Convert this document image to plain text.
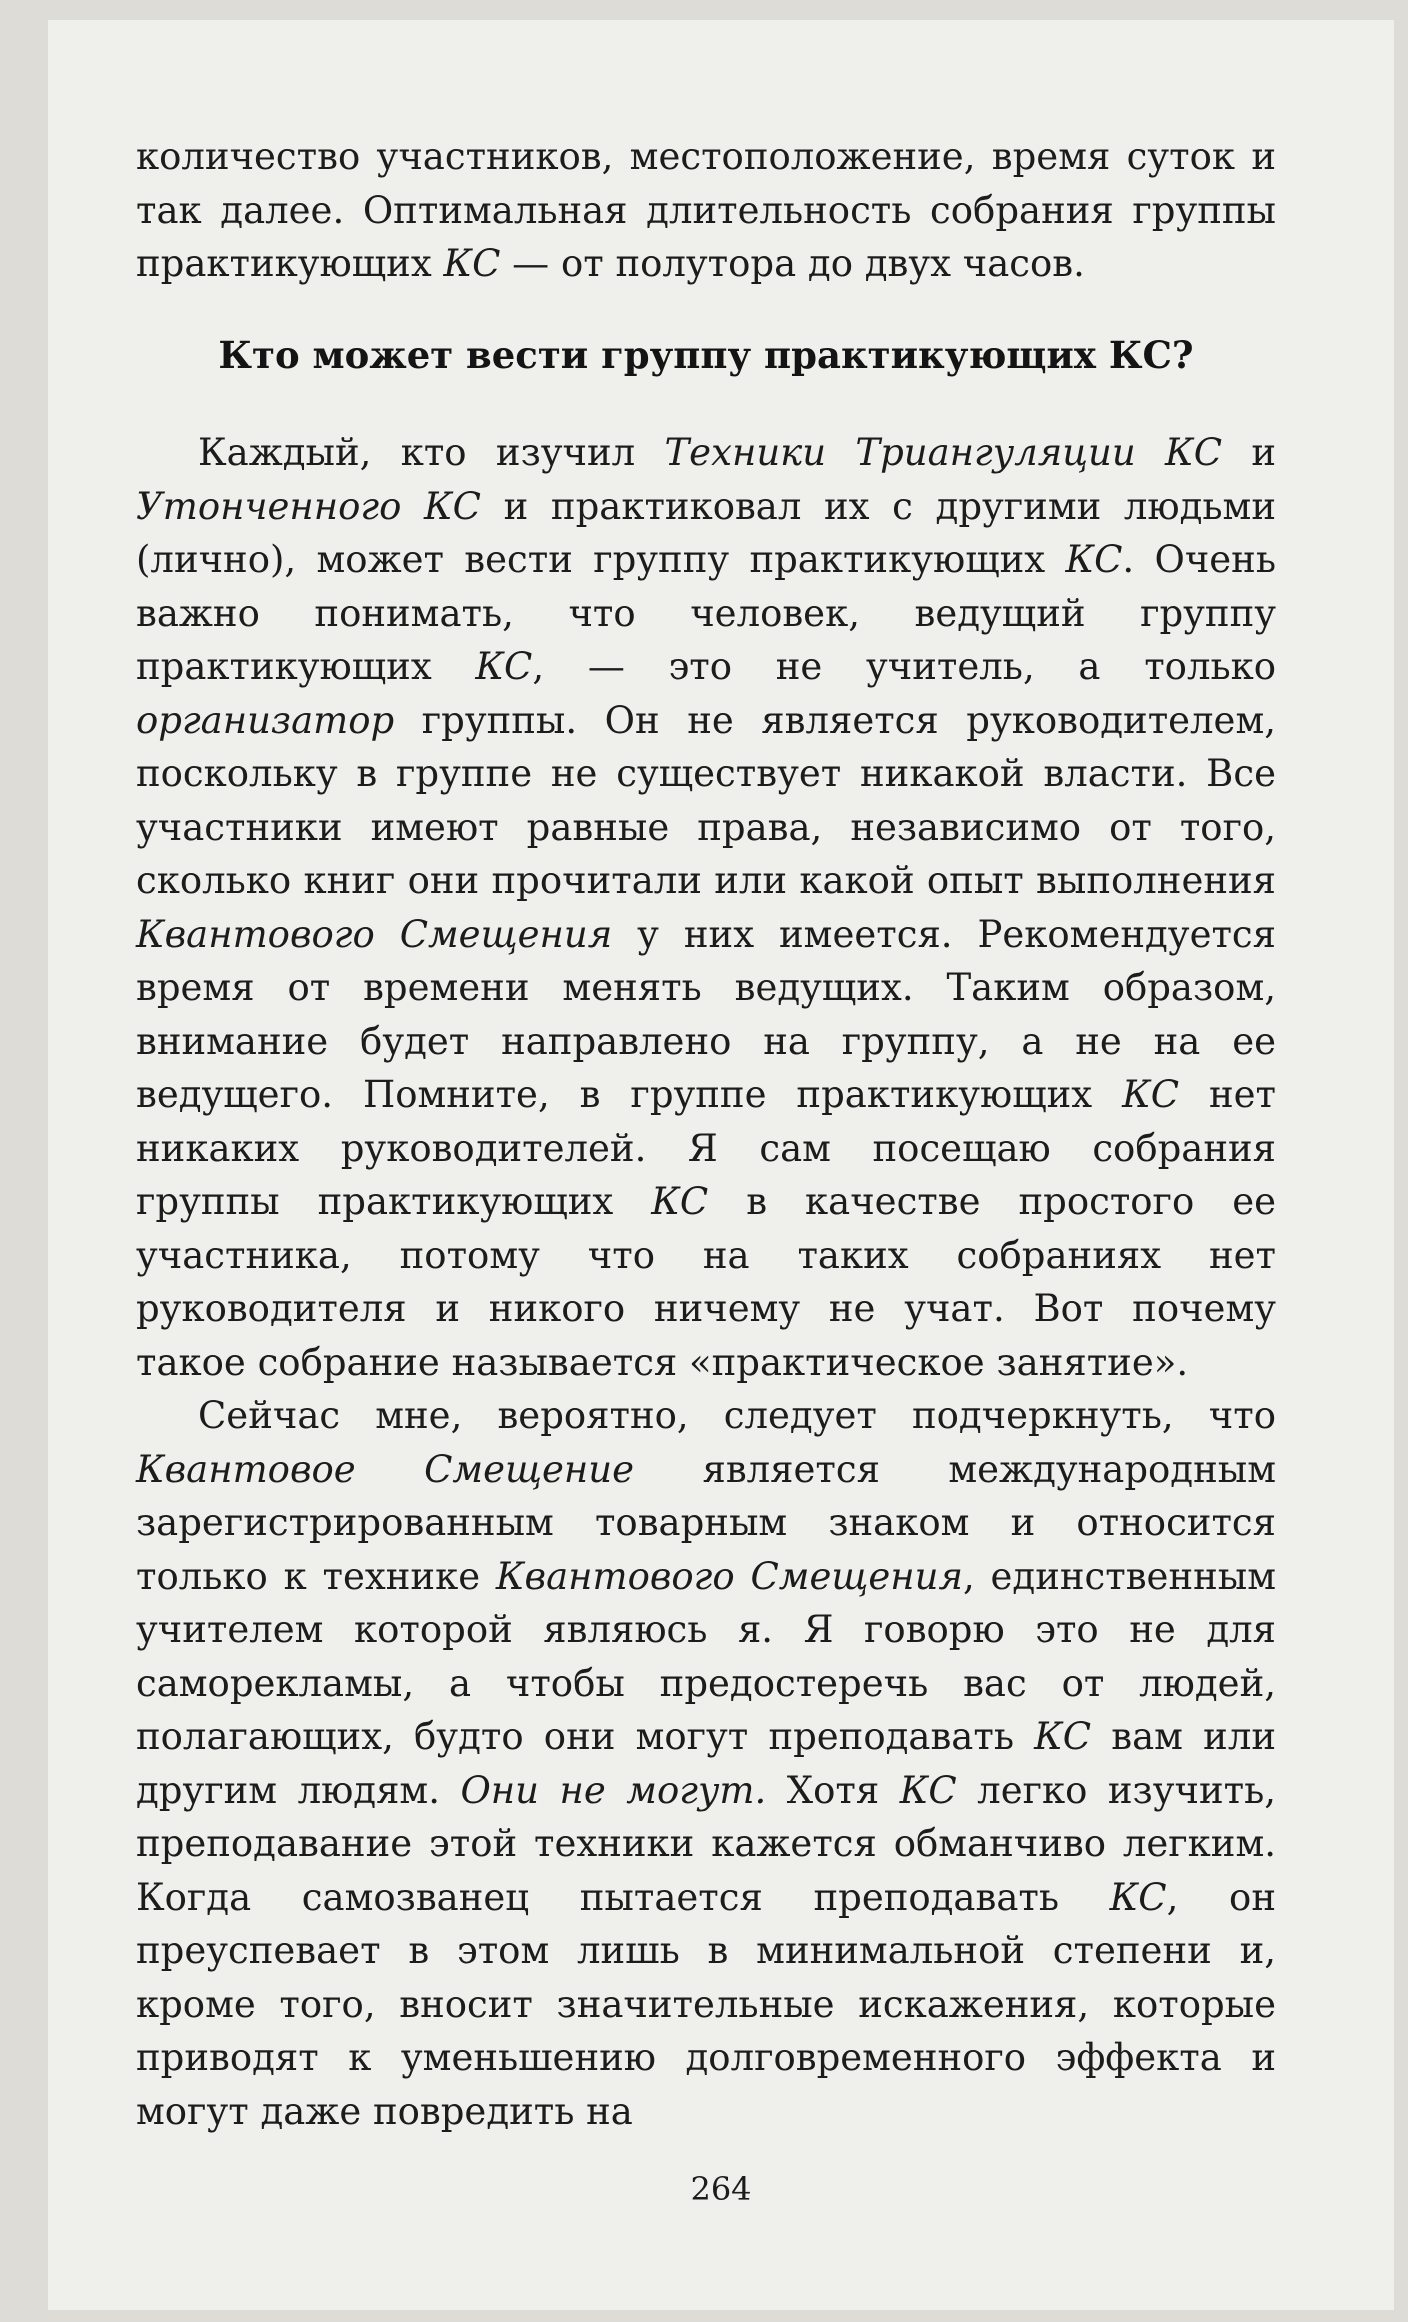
количество участников, местоположение, время суток и так далее. Оптимальная длительность собрания группы практикующих КС — от полутора до двух часов.

Кто может вести группу практикующих КС?

Каждый, кто изучил Техники Триангуляции КС и Утонченного КС и практиковал их с другими людьми (лично), может вести группу практикующих КС. Очень важно понимать, что человек, ведущий группу практикующих КС, — это не учитель, а только организатор группы. Он не является руководителем, поскольку в группе не существует никакой власти. Все участники имеют равные права, независимо от того, сколько книг они прочитали или какой опыт выполнения Квантового Смещения у них имеется. Рекомендуется время от времени менять ведущих. Таким образом, внимание будет направлено на группу, а не на ее ведущего. Помните, в группе практикующих КС нет никаких руководителей. Я сам посещаю собрания группы практикующих КС в качестве простого ее участника, потому что на таких собраниях нет руководителя и никого ничему не учат. Вот почему такое собрание называется «практическое занятие».

Сейчас мне, вероятно, следует подчеркнуть, что Квантовое Смещение является международным зарегистрированным товарным знаком и относится только к технике Квантового Смещения, единственным учителем которой являюсь я. Я говорю это не для саморекламы, а чтобы предостеречь вас от людей, полагающих, будто они могут преподавать КС вам или другим людям. Они не могут. Хотя КС легко изучить, преподавание этой техники кажется обманчиво легким. Когда самозванец пытается преподавать КС, он преуспевает в этом лишь в минимальной степени и, кроме того, вносит значительные искажения, которые приводят к уменьшению долговременного эффекта и могут даже повредить на

264
